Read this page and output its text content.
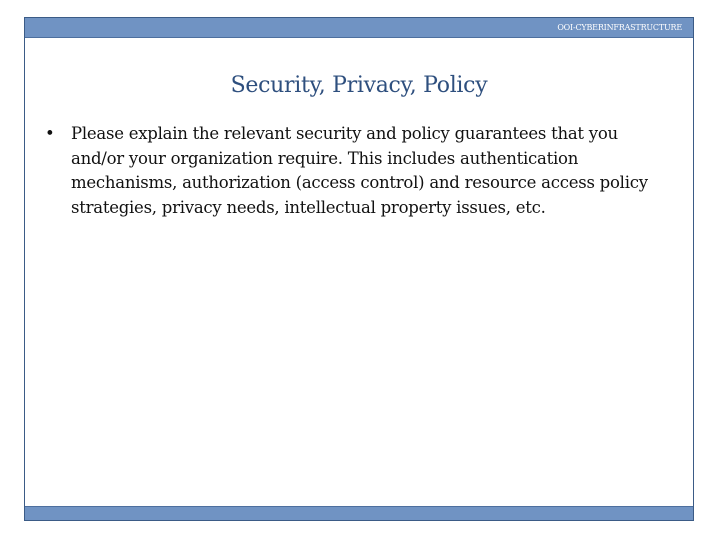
OOI-CYBERINFRASTRUCTURE
Security, Privacy, Policy
• Please explain the relevant security and policy guarantees that you and/or your organization require. This includes authentication mechanisms, authorization (access control) and resource access policy strategies, privacy needs, intellectual property issues, etc.
